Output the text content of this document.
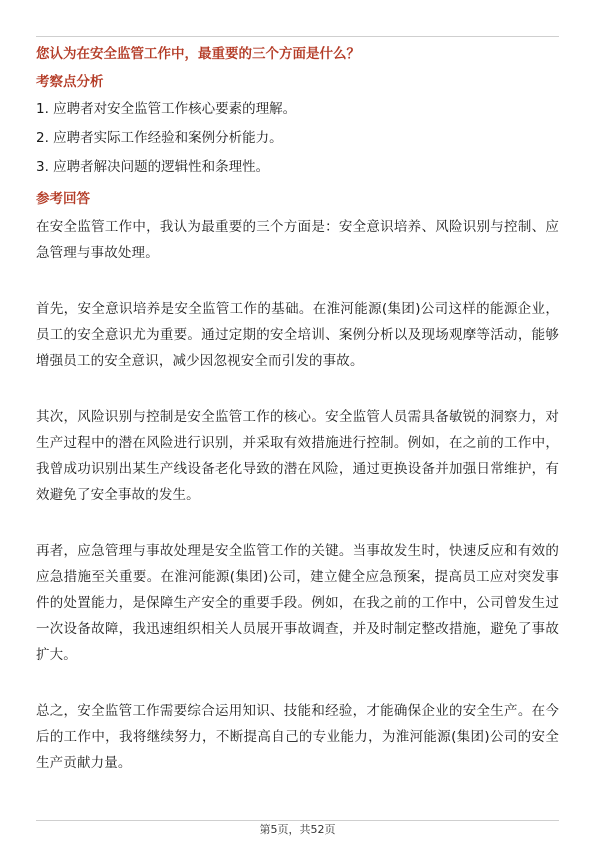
您认为在安全监管工作中，最重要的三个方面是什么？
考察点分析
1. 应聘者对安全监管工作核心要素的理解。
2. 应聘者实际工作经验和案例分析能力。
3. 应聘者解决问题的逻辑性和条理性。
参考回答

在安全监管工作中，我认为最重要的三个方面是：安全意识培养、风险识别与控制、应急管理与事故处理。

首先，安全意识培养是安全监管工作的基础。在淮河能源(集团)公司这样的能源企业，员工的安全意识尤为重要。通过定期的安全培训、案例分析以及现场观摩等活动，能够增强员工的安全意识，减少因忽视安全而引发的事故。

其次，风险识别与控制是安全监管工作的核心。安全监管人员需具备敏锐的洞察力，对生产过程中的潜在风险进行识别，并采取有效措施进行控制。例如，在之前的工作中，我曾成功识别出某生产线设备老化导致的潜在风险，通过更换设备并加强日常维护，有效避免了安全事故的发生。

再者，应急管理与事故处理是安全监管工作的关键。当事故发生时，快速反应和有效的应急措施至关重要。在淮河能源(集团)公司，建立健全应急预案，提高员工应对突发事件的处置能力，是保障生产安全的重要手段。例如，在我之前的工作中，公司曾发生过一次设备故障，我迅速组织相关人员展开事故调查，并及时制定整改措施，避免了事故扩大。

总之，安全监管工作需要综合运用知识、技能和经验，才能确保企业的安全生产。在今后的工作中，我将继续努力，不断提高自己的专业能力，为淮河能源(集团)公司的安全生产贡献力量。

第5页，共52页
